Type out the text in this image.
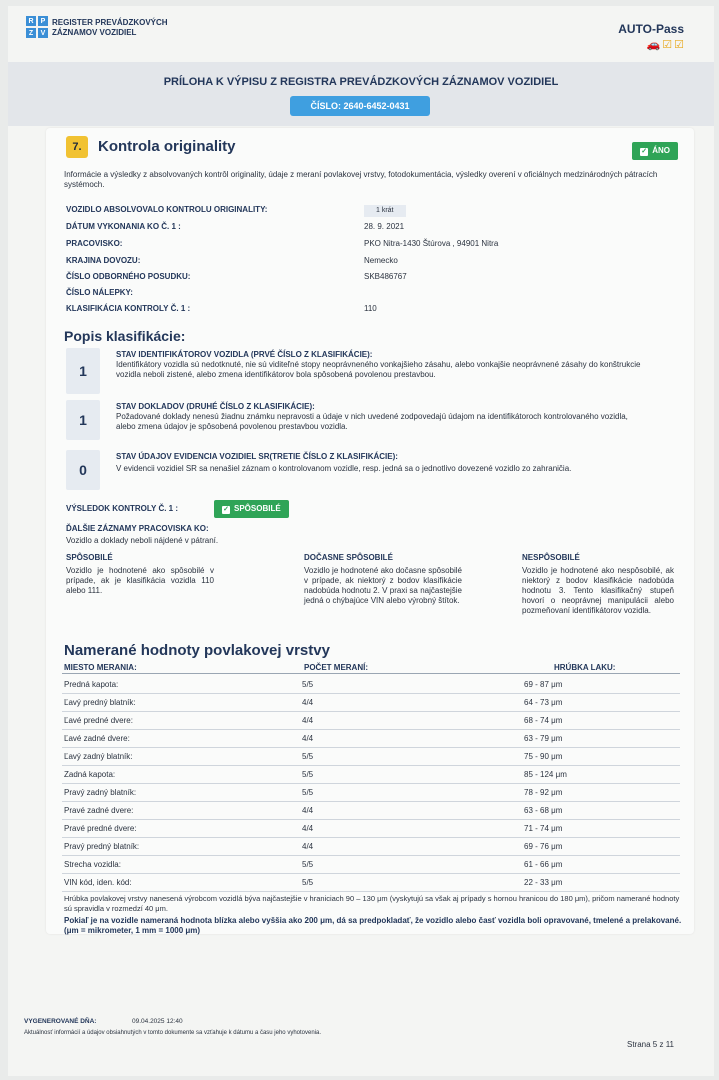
R	P
Z	V
REGISTER PREVÁDZKOVÝCH
ZÁZNAMOV VOZIDIEL	AUTO-Pass
🚗☑☑
PRÍLOHA K VÝPISU Z REGISTRA PREVÁDZKOVÝCH ZÁZNAMOV VOZIDIEL
ČÍSLO: 2640-6452-0431
7.	Kontrola originality	✓ ÁNO
Informácie a výsledky z absolvovaných kontrôl originality, údaje z meraní povlakovej vrstvy, fotodokumentácia, výsledky overení v oficiálnych medzinárodných pátracích systémoch.
VOZIDLO ABSOLVOVALO KONTROLU ORIGINALITY:	1 krát
DÁTUM VYKONANIA KO Č. 1 :	28. 9. 2021
PRACOVISKO:	PKO Nitra-1430 Štúrova , 94901 Nitra
KRAJINA DOVOZU:	Nemecko
ČÍSLO ODBORNÉHO POSUDKU:	SKB486767
ČÍSLO NÁLEPKY:
KLASIFIKÁCIA KONTROLY Č. 1 :	110
Popis klasifikácie:
1
STAV IDENTIFIKÁTOROV VOZIDLA (PRVÉ ČÍSLO Z KLASIFIKÁCIE):
Identifikátory vozidla sú nedotknuté, nie sú viditeľné stopy neoprávneného vonkajšieho zásahu, alebo vonkajšie neoprávnené zásahy do konštrukcie vozidla neboli zistené, alebo zmena identifikátorov bola spôsobená povolenou prestavbou.
1
STAV DOKLADOV (DRUHÉ ČÍSLO Z KLASIFIKÁCIE):
Požadované doklady nenesú žiadnu známku nepravosti a údaje v nich uvedené zodpovedajú údajom na identifikátoroch kontrolovaného vozidla, alebo zmena údajov je spôsobená povolenou prestavbou vozidla.
0
STAV ÚDAJOV EVIDENCIA VOZIDIEL SR(TRETIE ČÍSLO Z KLASIFIKÁCIE):
V evidencii vozidiel SR sa nenašiel záznam o kontrolovanom vozidle, resp. jedná sa o jednotlivo dovezené vozidlo zo zahraničia.
VÝSLEDOK KONTROLY Č. 1 :	✓ SPÔSOBILÉ
ĎALŠIE ZÁZNAMY PRACOVISKA KO:
Vozidlo a doklady neboli nájdené v pátraní.
SPÔSOBILÉ
Vozidlo je hodnotené ako spôsobilé v prípade, ak je klasifikácia vozidla 110 alebo 111.
DOČASNE SPÔSOBILÉ
Vozidlo je hodnotené ako dočasne spôsobilé v prípade, ak niektorý z bodov klasifikácie nadobúda hodnotu 2. V praxi sa najčastejšie jedná o chýbajúce VIN alebo výrobný štítok.
NESPÔSOBILÉ
Vozidlo je hodnotené ako nespôsobilé, ak niektorý z bodov klasifikácie nadobúda hodnotu 3. Tento klasifikačný stupeň hovorí o neoprávnej manipulácii alebo pozmeňovaní identifikátorov vozidla.
Namerané hodnoty povlakovej vrstvy
MIESTO MERANIA:	POČET MERANÍ:	HRÚBKA LAKU:
Predná kapota:	5/5	69 - 87 μm
Ľavý predný blatník:	4/4	64 - 73 μm
Ľavé predné dvere:	4/4	68 - 74 μm
Ľavé zadné dvere:	4/4	63 - 79 μm
Ľavý zadný blatník:	5/5	75 - 90 μm
Zadná kapota:	5/5	85 - 124 μm
Pravý zadný blatník:	5/5	78 - 92 μm
Pravé zadné dvere:	4/4	63 - 68 μm
Pravé predné dvere:	4/4	71 - 74 μm
Pravý predný blatník:	4/4	69 - 76 μm
Strecha vozidla:	5/5	61 - 66 μm
VIN kód, iden. kód:	5/5	22 - 33 μm
Hrúbka povlakovej vrstvy nanesená výrobcom vozidlá býva najčastejšie v hraniciach 90 – 130 μm (vyskytujú sa však aj prípady s hornou hranicou do 180 μm), pričom namerané hodnoty sú spravidla v rozmedzí 40 μm.
Pokiaľ je na vozidle nameraná hodnota blízka alebo vyššia ako 200 μm, dá sa predpokladať, že vozidlo alebo časť vozidla boli opravované, tmelené a prelakované. (μm = mikrometer, 1 mm = 1000 μm)
VYGENEROVANÉ DŇA:	09.04.2025 12:40
Aktuálnosť informácií a údajov obsiahnutých v tomto dokumente sa vzťahuje k dátumu a času jeho vyhotovenia.
Strana 5 z 11
